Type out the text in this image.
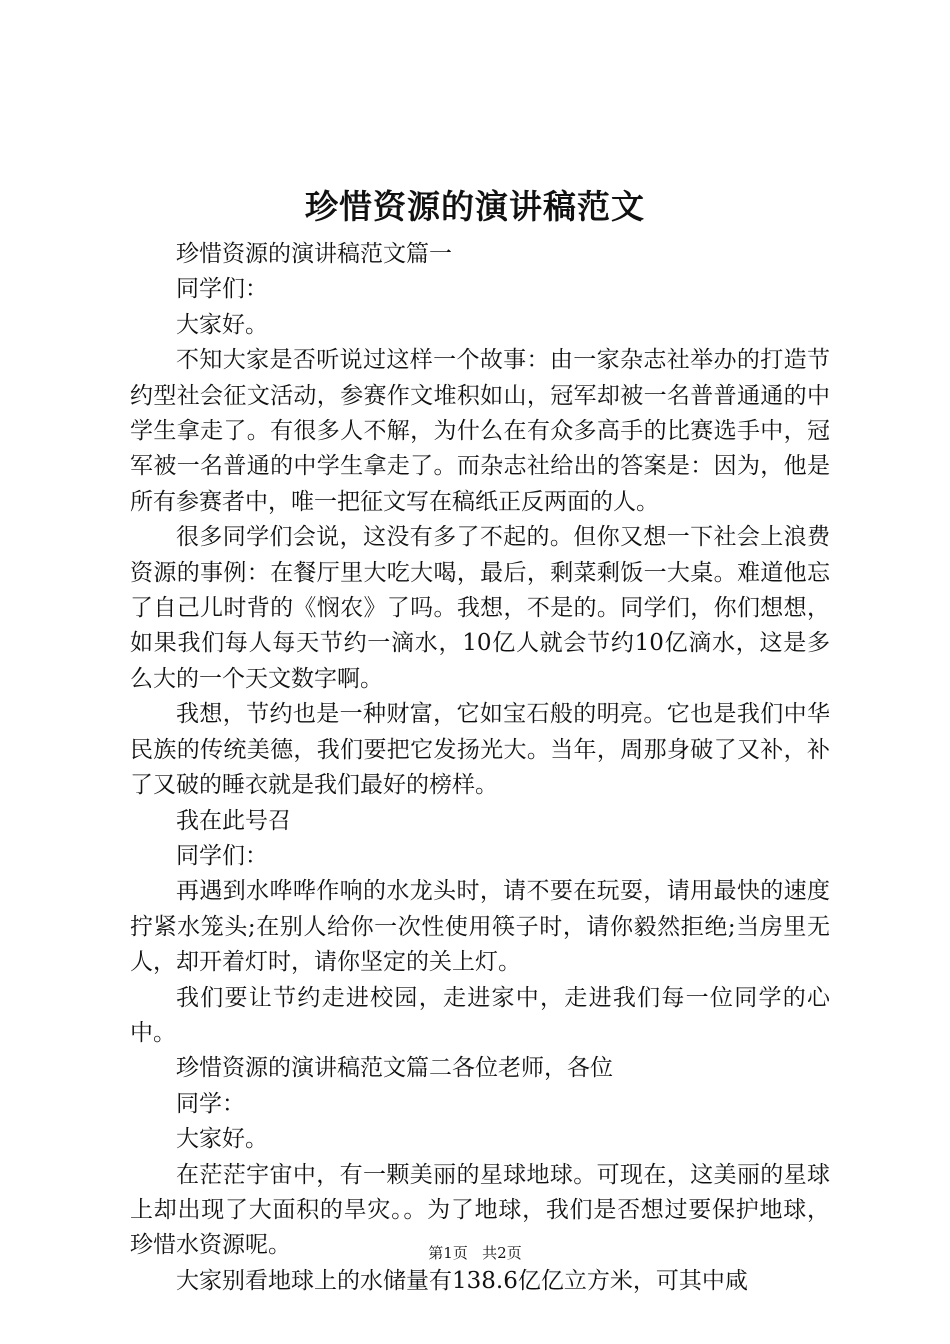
珍惜资源的演讲稿范文

珍惜资源的演讲稿范文篇一

同学们：

大家好。

不知大家是否听说过这样一个故事：由一家杂志社举办的打造节约型社会征文活动，参赛作文堆积如山，冠军却被一名普普通通的中学生拿走了。有很多人不解，为什么在有众多高手的比赛选手中，冠军被一名普通的中学生拿走了。而杂志社给出的答案是：因为，他是所有参赛者中，唯一把征文写在稿纸正反两面的人。

很多同学们会说，这没有多了不起的。但你又想一下社会上浪费资源的事例：在餐厅里大吃大喝，最后，剩菜剩饭一大桌。难道他忘了自己儿时背的《悯农》了吗。我想，不是的。同学们，你们想想，如果我们每人每天节约一滴水，10亿人就会节约10亿滴水，这是多么大的一个天文数字啊。

我想，节约也是一种财富，它如宝石般的明亮。它也是我们中华民族的传统美德，我们要把它发扬光大。当年，周那身破了又补，补了又破的睡衣就是我们最好的榜样。

我在此号召

同学们：

再遇到水哗哗作响的水龙头时，请不要在玩耍，请用最快的速度拧紧水笼头;在别人给你一次性使用筷子时，请你毅然拒绝;当房里无人，却开着灯时，请你坚定的关上灯。

我们要让节约走进校园，走进家中，走进我们每一位同学的心中。

珍惜资源的演讲稿范文篇二各位老师，各位

同学：

大家好。

在茫茫宇宙中，有一颗美丽的星球地球。可现在，这美丽的星球上却出现了大面积的旱灾。。为了地球，我们是否想过要保护地球，珍惜水资源呢。

大家别看地球上的水储量有138.6亿亿立方米，可其中咸

第1页 共2页
